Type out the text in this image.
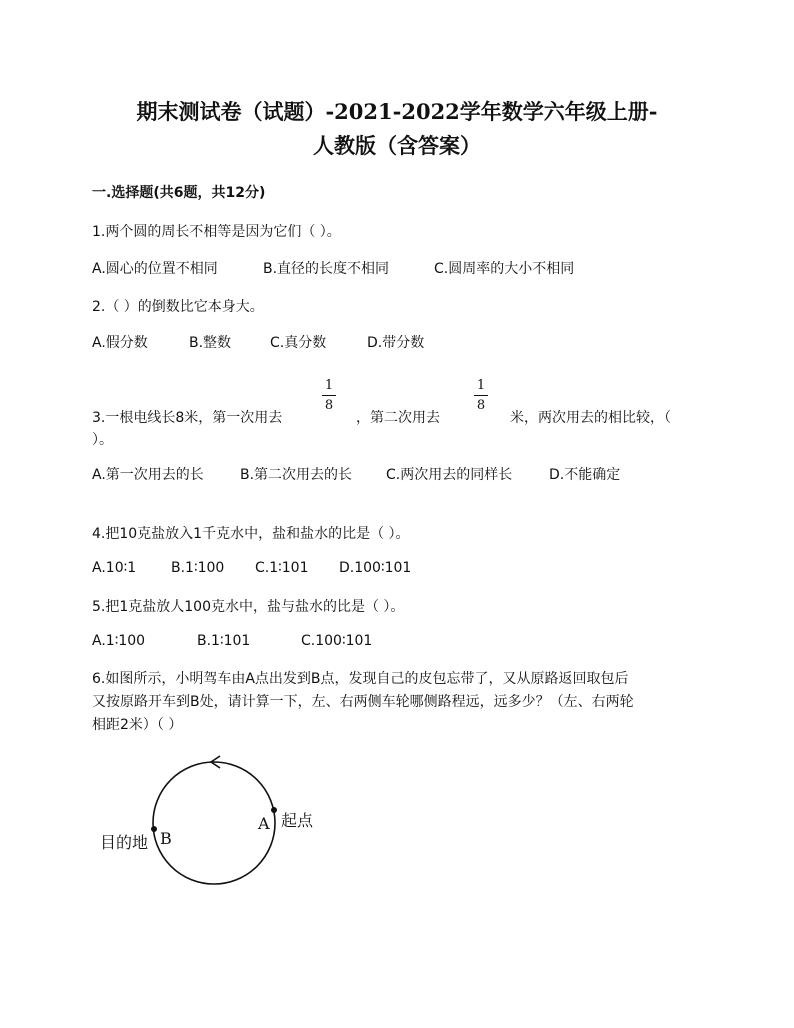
期末测试卷（试题）-2021-2022学年数学六年级上册-
人教版（含答案）
一.选择题(共6题，共12分)
1.两个圆的周长不相等是因为它们（ ）。
A.圆心的位置不相同	B.直径的长度不相同	C.圆周率的大小不相同
2.（ ）的倒数比它本身大。
A.假分数	B.整数	C.真分数	D.带分数
3.一根电线长8米，第一次用去
1
8
，第二次用去
1
8
米，两次用去的相比较，（
）。
A.第一次用去的长	B.第二次用去的长 C.两次用去的同样长	D.不能确定
4.把10克盐放入1千克水中，盐和盐水的比是（ ）。
A.10∶1 B.1∶100 C.1∶101 D.100∶101
5.把1克盐放人100克水中，盐与盐水的比是（ ）。
A.1∶100	B.1∶101	C.100∶101
6.如图所示，小明驾车由A点出发到B点，发现自己的皮包忘带了，又从原路返回取包后
又按原路开车到B处，请计算一下，左、右两侧车轮哪侧路程远，远多少？（左、右两轮
相距2米）（ ）
目的地 B
A 起点
